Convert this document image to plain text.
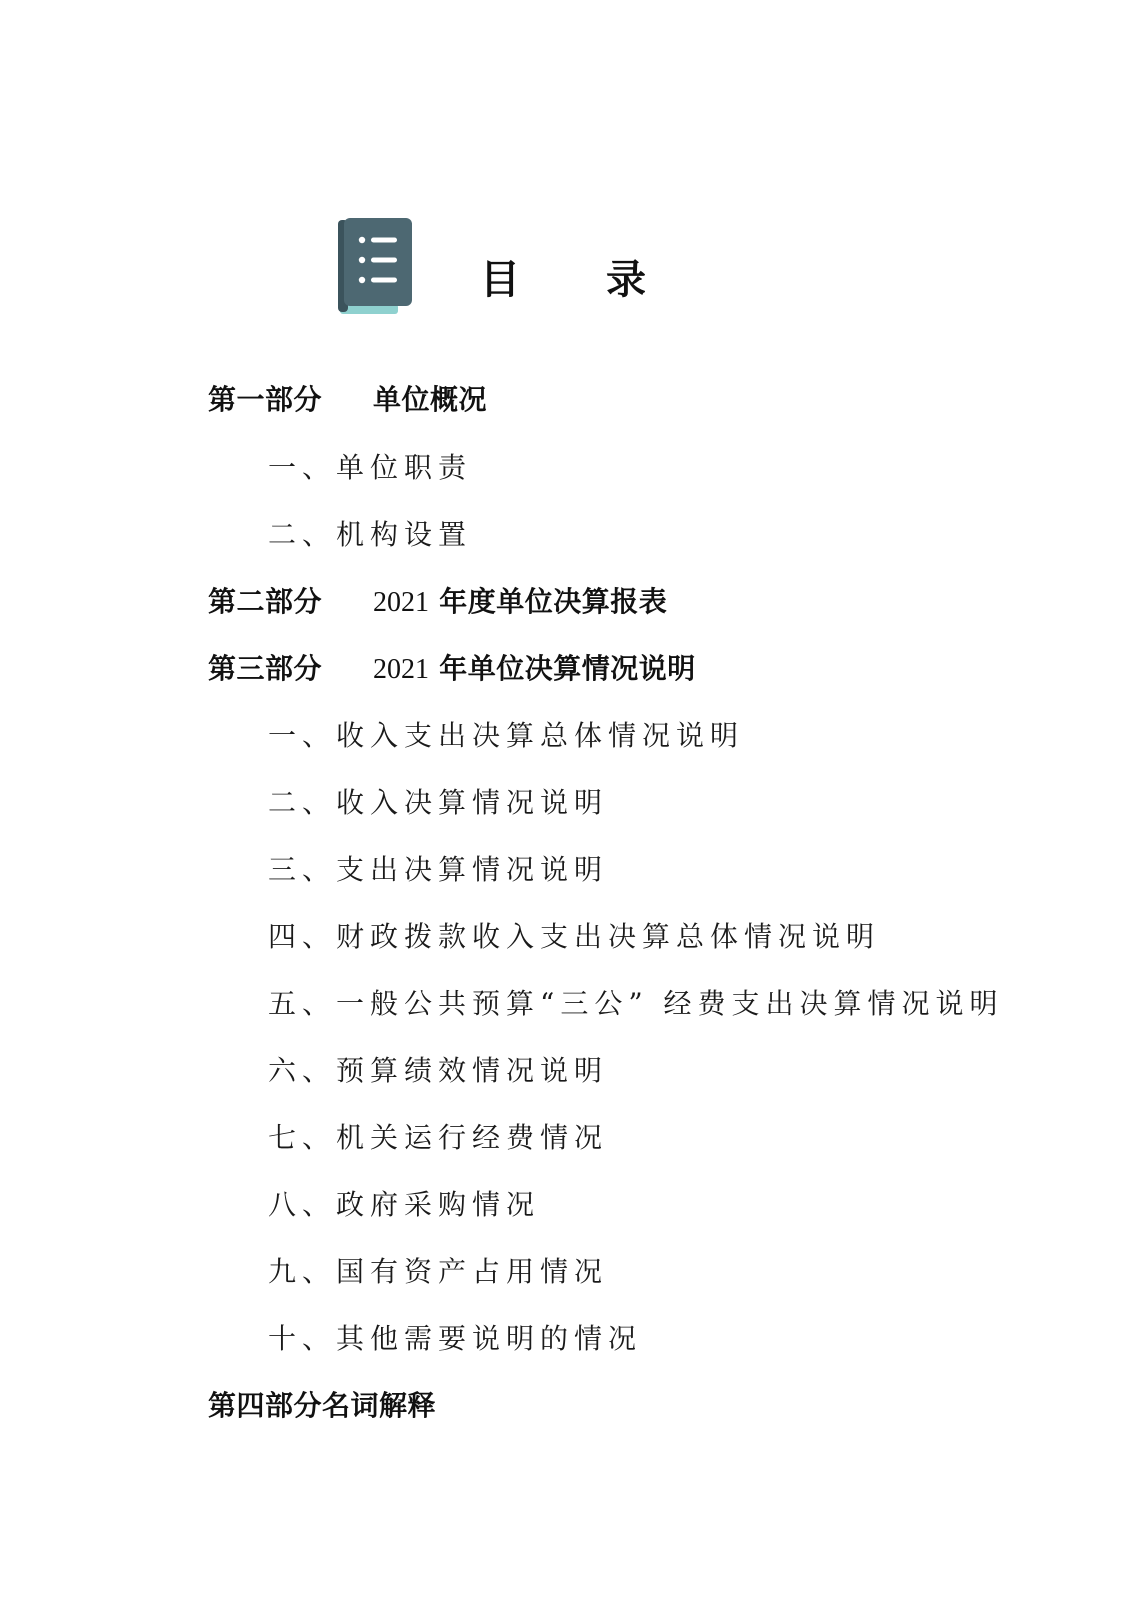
目 录
第一部分 单位概况
一、单位职责
二、机构设置
第二部分 2021 年度单位决算报表
第三部分 2021 年单位决算情况说明
一、收入支出决算总体情况说明
二、收入决算情况说明
三、支出决算情况说明
四、财政拨款收入支出决算总体情况说明
五、一般公共预算“三公” 经费支出决算情况说明
六、预算绩效情况说明
七、机关运行经费情况
八、政府采购情况
九、国有资产占用情况
十、其他需要说明的情况
第四部分名词解释
